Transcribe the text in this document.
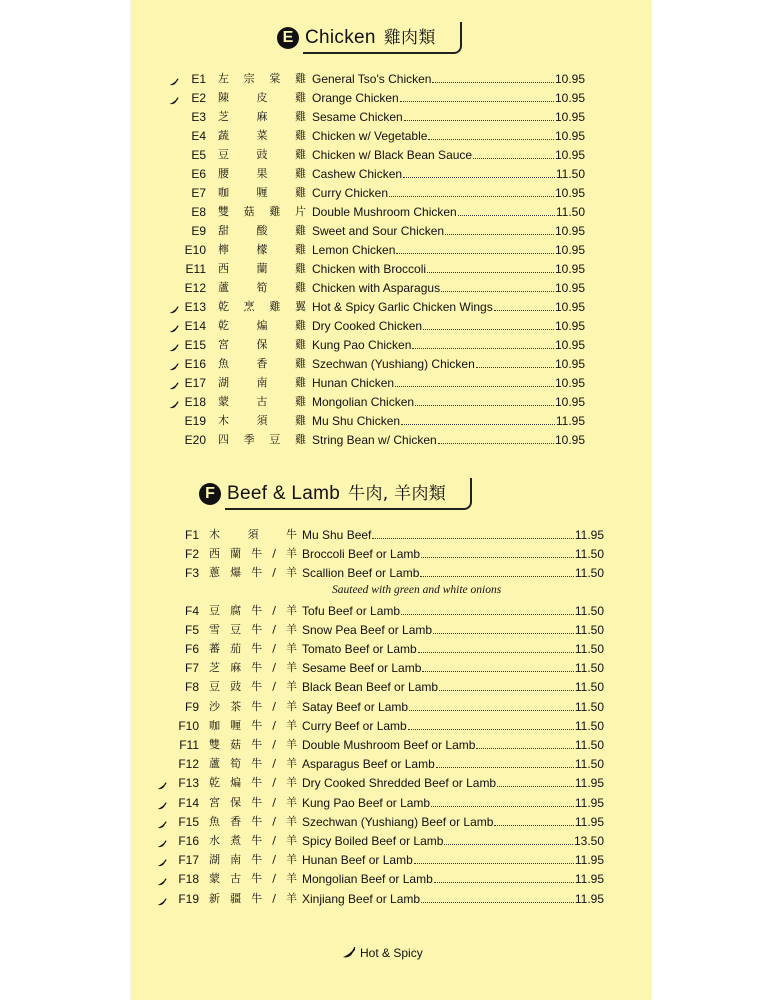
E Chicken 雞肉類
E1 左 宗 棠 雞 General Tso's Chicken	10.95
E2 陳	皮	雞 Orange Chicken	10.95
E3 芝	麻	雞 Sesame Chicken	10.95
E4 蔬	菜	雞 Chicken w/ Vegetable	10.95
E5 豆	豉	雞 Chicken w/ Black Bean Sauce	10.95
E6 腰	果	雞 Cashew Chicken	11.50
E7 咖	喱	雞 Curry Chicken	10.95
E8 雙 菇 雞 片 Double Mushroom Chicken	11.50
E9 甜	酸	雞 Sweet and Sour Chicken	10.95
E10 檸	檬	雞 Lemon Chicken	10.95
E11 西	蘭	雞 Chicken with Broccoli	10.95
E12 蘆	筍	雞 Chicken with Asparagus	10.95
E13 乾 烹 雞 翼 Hot & Spicy Garlic Chicken Wings	10.95
E14 乾	煸	雞 Dry Cooked Chicken	10.95
E15 宮	保	雞 Kung Pao Chicken	10.95
E16 魚	香	雞 Szechwan (Yushiang) Chicken	10.95
E17 湖	南	雞 Hunan Chicken	10.95
E18 蒙	古	雞 Mongolian Chicken	10.95
E19 木	須	雞 Mu Shu Chicken	11.95
E20 四 季 豆 雞 String Bean w/ Chicken	10.95
F Beef & Lamb 牛肉, 羊肉類
F1 木	須	牛 Mu Shu Beef	11.95
F2 西 蘭 牛 / 羊 Broccoli Beef or Lamb	11.50
F3 蔥 爆 牛 / 羊 Scallion Beef or Lamb	11.50
F4 豆 腐 牛 / 羊 Tofu Beef or Lamb	11.50
F5 雪 豆 牛 / 羊 Snow Pea Beef or Lamb	11.50
F6 蕃 茄 牛 / 羊 Tomato Beef or Lamb	11.50
F7 芝 麻 牛 / 羊 Sesame Beef or Lamb	11.50
F8 豆 豉 牛 / 羊 Black Bean Beef or Lamb	11.50
F9 沙 茶 牛 / 羊 Satay Beef or Lamb	11.50
F10 咖 喱 牛 / 羊 Curry Beef or Lamb	11.50
F11 雙 菇 牛 / 羊 Double Mushroom Beef or Lamb	11.50
F12 蘆 筍 牛 / 羊 Asparagus Beef or Lamb	11.50
F13 乾 煸 牛 / 羊 Dry Cooked Shredded Beef or Lamb	11.95
F14 宮 保 牛 / 羊 Kung Pao Beef or Lamb	11.95
F15 魚 香 牛 / 羊 Szechwan (Yushiang) Beef or Lamb	11.95
F16 水 煮 牛 / 羊 Spicy Boiled Beef or Lamb	13.50
F17 湖 南 牛 / 羊 Hunan Beef or Lamb	11.95
F18 蒙 古 牛 / 羊 Mongolian Beef or Lamb	11.95
F19 新 疆 牛 / 羊 Xinjiang Beef or Lamb	11.95
Sauteed with green and white onions
Hot & Spicy
